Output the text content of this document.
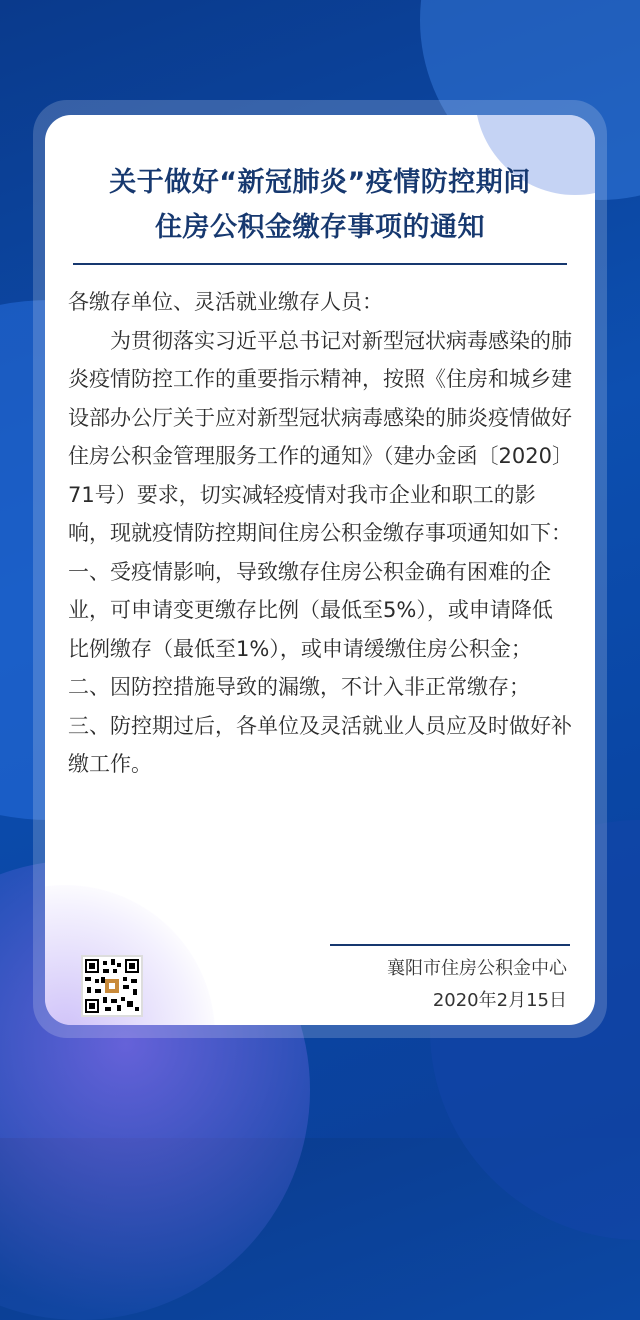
关于做好“新冠肺炎”疫情防控期间
住房公积金缴存事项的通知

各缴存单位、灵活就业缴存人员：

为贯彻落实习近平总书记对新型冠状病毒感染的肺炎疫情防控工作的重要指示精神，按照《住房和城乡建设部办公厅关于应对新型冠状病毒感染的肺炎疫情做好住房公积金管理服务工作的通知》（建办金函〔2020〕71号）要求，切实减轻疫情对我市企业和职工的影响，现就疫情防控期间住房公积金缴存事项通知如下：

一、受疫情影响，导致缴存住房公积金确有困难的企业，可申请变更缴存比例（最低至5%），或申请降低比例缴存（最低至1%），或申请缓缴住房公积金；

二、因防控措施导致的漏缴，不计入非正常缴存；

三、防控期过后，各单位及灵活就业人员应及时做好补缴工作。

襄阳市住房公积金中心
2020年2月15日
